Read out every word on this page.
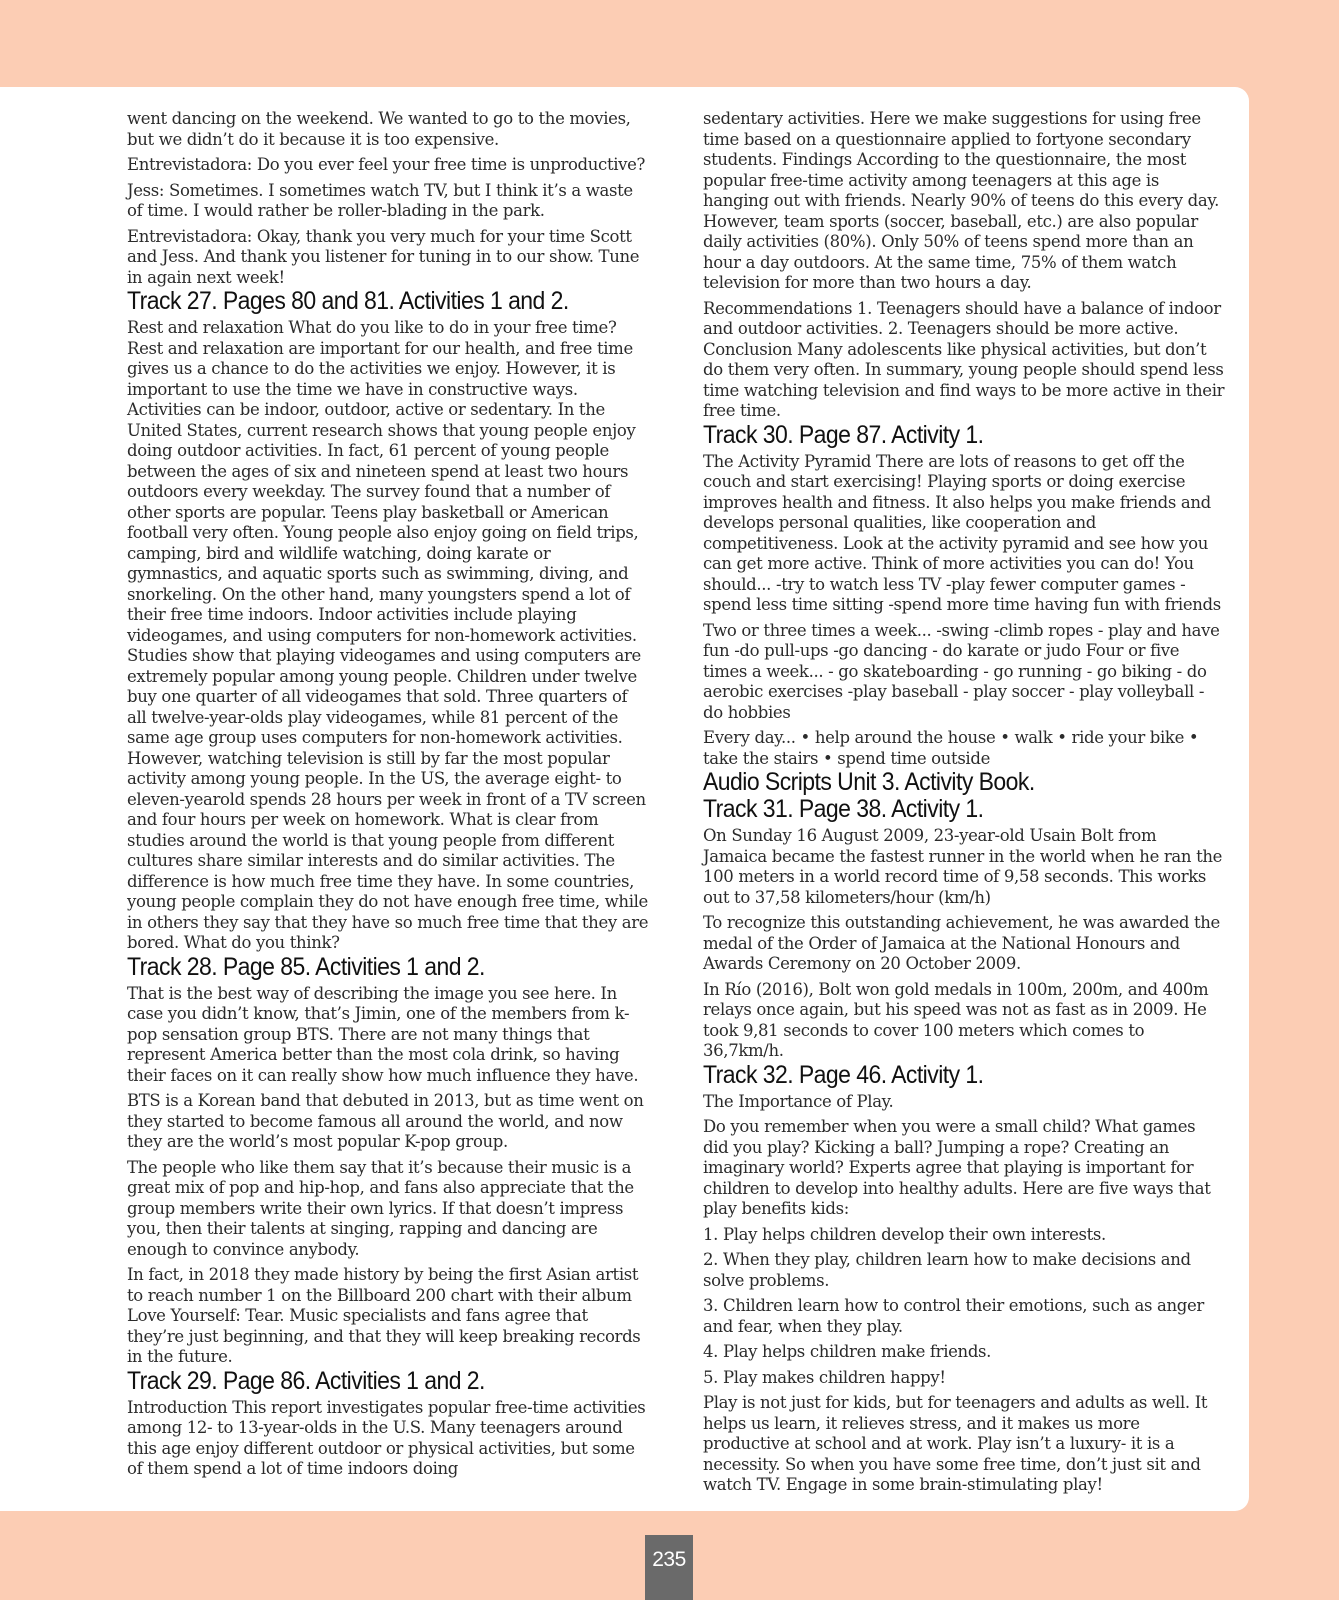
went dancing on the weekend. We wanted to go to the movies, but we didn’t do it because it is too expensive.

Entrevistadora: Do you ever feel your free time is unproductive?

Jess: Sometimes. I sometimes watch TV, but I think it’s a waste of time. I would rather be roller-blading in the park.

Entrevistadora: Okay, thank you very much for your time Scott and Jess. And thank you listener for tuning in to our show. Tune in again next week!

Track 27. Pages 80 and 81. Activities 1 and 2.

Rest and relaxation What do you like to do in your free time? Rest and relaxation are important for our health, and free time gives us a chance to do the activities we enjoy. However, it is important to use the time we have in constructive ways. Activities can be indoor, outdoor, active or sedentary. In the United States, current research shows that young people enjoy doing outdoor activities. In fact, 61 percent of young people between the ages of six and nineteen spend at least two hours outdoors every weekday. The survey found that a number of other sports are popular. Teens play basketball or American football very often. Young people also enjoy going on field trips, camping, bird and wildlife watching, doing karate or gymnastics, and aquatic sports such as swimming, diving, and snorkeling. On the other hand, many youngsters spend a lot of their free time indoors. Indoor activities include playing videogames, and using computers for non-homework activities. Studies show that playing videogames and using computers are extremely popular among young people. Children under twelve buy one quarter of all videogames that sold. Three quarters of all twelve-year-olds play videogames, while 81 percent of the same age group uses computers for non-homework activities. However, watching television is still by far the most popular activity among young people. In the US, the average eight- to eleven-yearold spends 28 hours per week in front of a TV screen and four hours per week on homework. What is clear from studies around the world is that young people from different cultures share similar interests and do similar activities. The difference is how much free time they have. In some countries, young people complain they do not have enough free time, while in others they say that they have so much free time that they are bored. What do you think?

Track 28. Page 85. Activities 1 and 2.

That is the best way of describing the image you see here. In case you didn’t know, that’s Jimin, one of the members from k-pop sensation group BTS. There are not many things that represent America better than the most cola drink, so having their faces on it can really show how much influence they have.

BTS is a Korean band that debuted in 2013, but as time went on they started to become famous all around the world, and now they are the world’s most popular K-pop group.

The people who like them say that it’s because their music is a great mix of pop and hip-hop, and fans also appreciate that the group members write their own lyrics. If that doesn’t impress you, then their talents at singing, rapping and dancing are enough to convince anybody.

In fact, in 2018 they made history by being the first Asian artist to reach number 1 on the Billboard 200 chart with their album Love Yourself: Tear. Music specialists and fans agree that they’re just beginning, and that they will keep breaking records in the future.

Track 29. Page 86. Activities 1 and 2.

Introduction This report investigates popular free-time activities among 12- to 13-year-olds in the U.S. Many teenagers around this age enjoy different outdoor or physical activities, but some of them spend a lot of time indoors doing

sedentary activities. Here we make suggestions for using free time based on a questionnaire applied to fortyone secondary students. Findings According to the questionnaire, the most popular free-time activity among teenagers at this age is hanging out with friends. Nearly 90% of teens do this every day. However, team sports (soccer, baseball, etc.) are also popular daily activities (80%). Only 50% of teens spend more than an hour a day outdoors. At the same time, 75% of them watch television for more than two hours a day.

Recommendations 1. Teenagers should have a balance of indoor and outdoor activities. 2. Teenagers should be more active. Conclusion Many adolescents like physical activities, but don’t do them very often. In summary, young people should spend less time watching television and find ways to be more active in their free time.

Track 30. Page 87. Activity 1.

The Activity Pyramid There are lots of reasons to get off the couch and start exercising! Playing sports or doing exercise improves health and fitness. It also helps you make friends and develops personal qualities, like cooperation and competitiveness. Look at the activity pyramid and see how you can get more active. Think of more activities you can do! You should... -try to watch less TV -play fewer computer games -spend less time sitting -spend more time having fun with friends

Two or three times a week... -swing -climb ropes - play and have fun -do pull-ups -go dancing - do karate or judo Four or five times a week... - go skateboarding - go running - go biking - do aerobic exercises -play baseball - play soccer - play volleyball - do hobbies

Every day... • help around the house • walk • ride your bike • take the stairs • spend time outside

Audio Scripts Unit 3. Activity Book.
Track 31. Page 38. Activity 1.

On Sunday 16 August 2009, 23-year-old Usain Bolt from Jamaica became the fastest runner in the world when he ran the 100 meters in a world record time of 9,58 seconds. This works out to 37,58 kilometers/hour (km/h)

To recognize this outstanding achievement, he was awarded the medal of the Order of Jamaica at the National Honours and Awards Ceremony on 20 October 2009.

In Río (2016), Bolt won gold medals in 100m, 200m, and 400m relays once again, but his speed was not as fast as in 2009. He took 9,81 seconds to cover 100 meters which comes to 36,7km/h.

Track 32. Page 46. Activity 1.

The Importance of Play.

Do you remember when you were a small child? What games did you play? Kicking a ball? Jumping a rope? Creating an imaginary world? Experts agree that playing is important for children to develop into healthy adults. Here are five ways that play benefits kids:

1. Play helps children develop their own interests.

2. When they play, children learn how to make decisions and solve problems.

3. Children learn how to control their emotions, such as anger and fear, when they play.

4. Play helps children make friends.

5. Play makes children happy!

Play is not just for kids, but for teenagers and adults as well. It helps us learn, it relieves stress, and it makes us more productive at school and at work. Play isn’t a luxury- it is a necessity. So when you have some free time, don’t just sit and watch TV. Engage in some brain-stimulating play!

235
